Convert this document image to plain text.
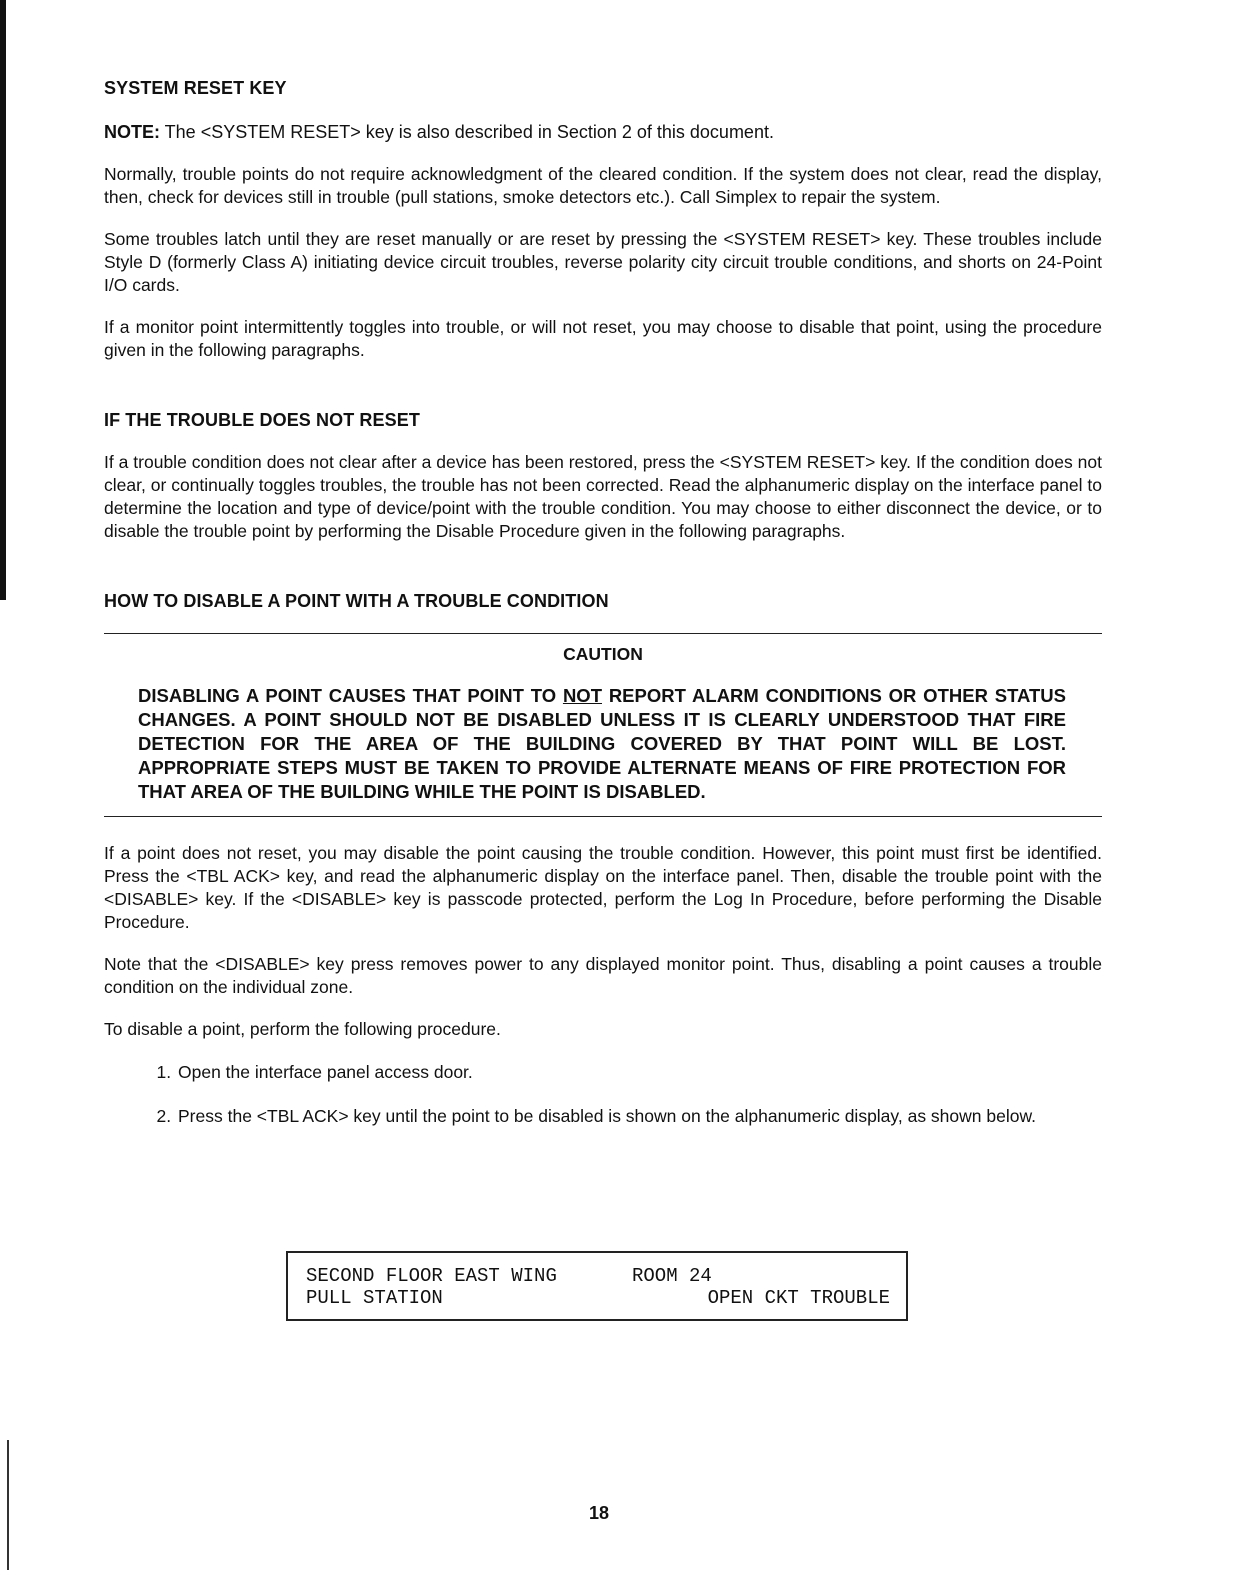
SYSTEM RESET KEY

NOTE: The <SYSTEM RESET> key is also described in Section 2 of this document.

Normally, trouble points do not require acknowledgment of the cleared condition. If the system does not clear, read the display, then, check for devices still in trouble (pull stations, smoke detectors etc.). Call Simplex to repair the system.

Some troubles latch until they are reset manually or are reset by pressing the <SYSTEM RESET> key. These troubles include Style D (formerly Class A) initiating device circuit troubles, reverse polarity city circuit trouble conditions, and shorts on 24-Point I/O cards.

If a monitor point intermittently toggles into trouble, or will not reset, you may choose to disable that point, using the procedure given in the following paragraphs.

IF THE TROUBLE DOES NOT RESET

If a trouble condition does not clear after a device has been restored, press the <SYSTEM RESET> key. If the condition does not clear, or continually toggles troubles, the trouble has not been corrected. Read the alphanumeric display on the interface panel to determine the location and type of device/point with the trouble condition. You may choose to either disconnect the device, or to disable the trouble point by performing the Disable Procedure given in the following paragraphs.

HOW TO DISABLE A POINT WITH A TROUBLE CONDITION
CAUTION
DISABLING A POINT CAUSES THAT POINT TO NOT REPORT ALARM CONDITIONS OR OTHER STATUS CHANGES. A POINT SHOULD NOT BE DISABLED UNLESS IT IS CLEARLY UNDERSTOOD THAT FIRE DETECTION FOR THE AREA OF THE BUILDING COVERED BY THAT POINT WILL BE LOST. APPROPRIATE STEPS MUST BE TAKEN TO PROVIDE ALTERNATE MEANS OF FIRE PROTECTION FOR THAT AREA OF THE BUILDING WHILE THE POINT IS DISABLED.

If a point does not reset, you may disable the point causing the trouble condition. However, this point must first be identified. Press the <TBL ACK> key, and read the alphanumeric display on the interface panel. Then, disable the trouble point with the <DISABLE> key. If the <DISABLE> key is passcode protected, perform the Log In Procedure, before performing the Disable Procedure.

Note that the <DISABLE> key press removes power to any displayed monitor point. Thus, disabling a point causes a trouble condition on the individual zone.

To disable a point, perform the following procedure.

1. Open the interface panel access door.
2. Press the <TBL ACK> key until the point to be disabled is shown on the alphanumeric display, as shown below.
SECOND FLOOR EAST WING	ROOM 24
PULL STATION	OPEN CKT TROUBLE
18
